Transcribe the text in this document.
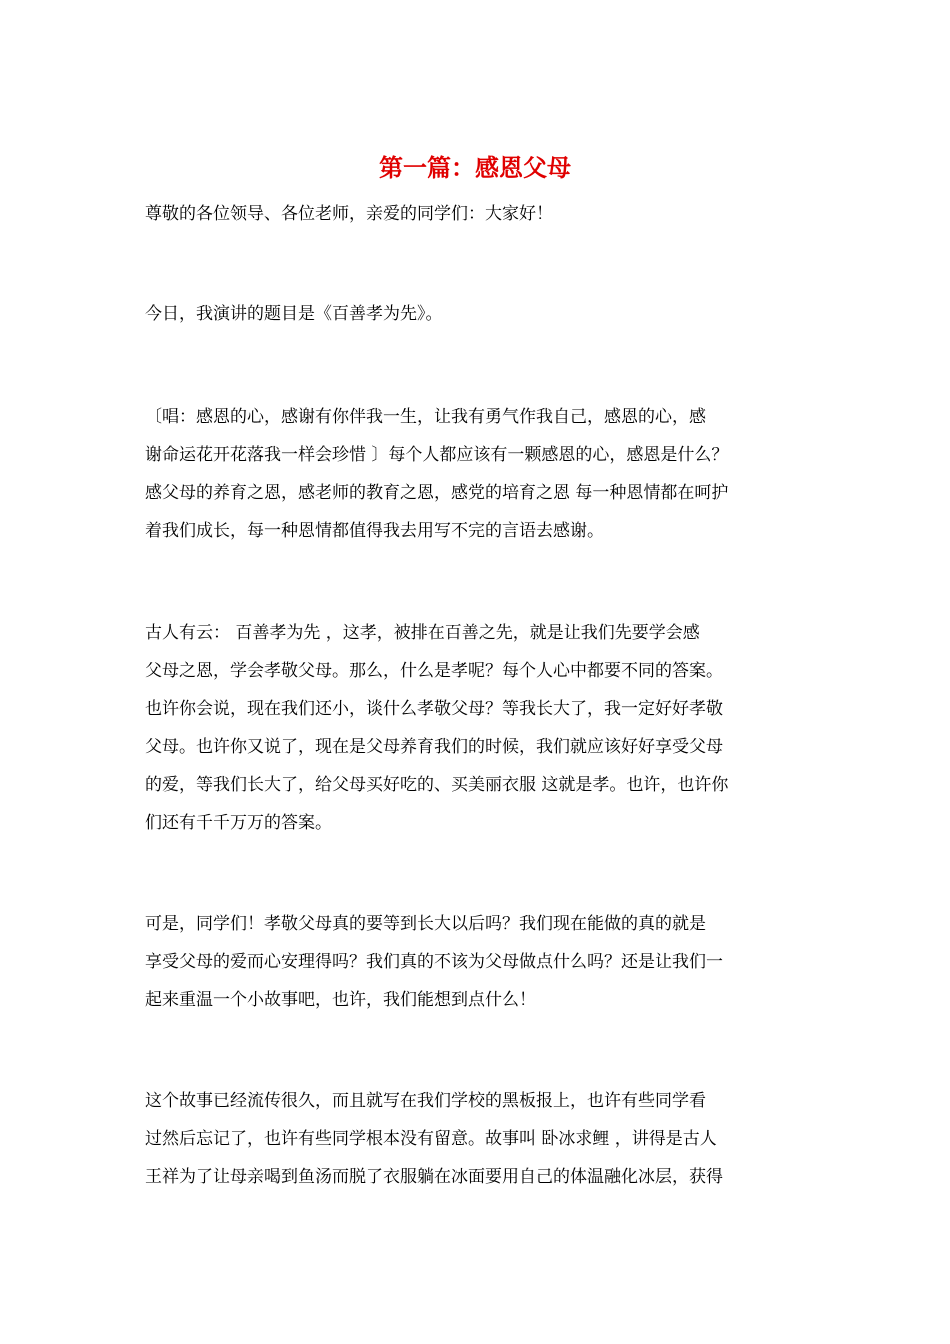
第一篇：感恩父母
尊敬的各位领导、各位老师，亲爱的同学们：大家好！
今日，我演讲的题目是《百善孝为先》。
〔唱：感恩的心，感谢有你伴我一生，让我有勇气作我自己，感恩的心，感
谢命运花开花落我一样会珍惜 〕每个人都应该有一颗感恩的心，感恩是什么？
感父母的养育之恩，感老师的教育之恩，感党的培育之恩 每一种恩情都在呵护
着我们成长，每一种恩情都值得我去用写不完的言语去感谢。
古人有云： 百善孝为先 ，这孝，被排在百善之先，就是让我们先要学会感
父母之恩，学会孝敬父母。那么，什么是孝呢？每个人心中都要不同的答案。
也许你会说，现在我们还小，谈什么孝敬父母？等我长大了，我一定好好孝敬
父母。也许你又说了，现在是父母养育我们的时候，我们就应该好好享受父母
的爱，等我们长大了，给父母买好吃的、买美丽衣服 这就是孝。也许，也许你
们还有千千万万的答案。
可是，同学们！孝敬父母真的要等到长大以后吗？我们现在能做的真的就是
享受父母的爱而心安理得吗？我们真的不该为父母做点什么吗？还是让我们一
起来重温一个小故事吧，也许，我们能想到点什么！
这个故事已经流传很久，而且就写在我们学校的黑板报上，也许有些同学看
过然后忘记了，也许有些同学根本没有留意。故事叫 卧冰求鲤 ，讲得是古人
王祥为了让母亲喝到鱼汤而脱了衣服躺在冰面要用自己的体温融化冰层，获得
